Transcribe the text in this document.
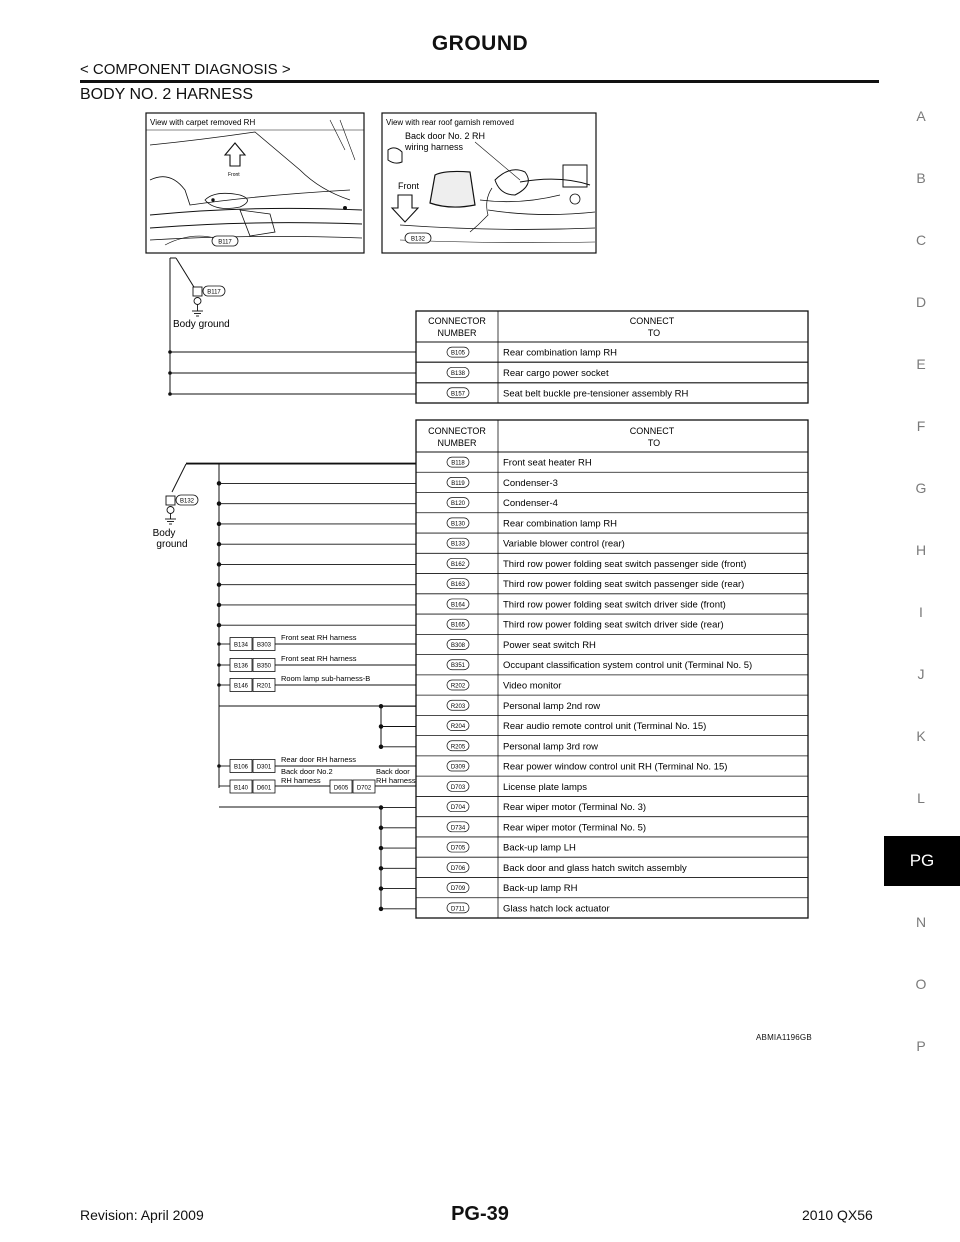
GROUND
< COMPONENT DIAGNOSIS >
BODY NO. 2 HARNESS
A
B
C
D
E
F
G
H
I
J
K
L
N
O
P
PG
View with carpet removed RH
Front
B117
View with rear roof garnish removed
Back door No. 2 RH
wiring harness
Front
B132
B117
Body ground
B132
Body
ground
CONNECTOR
NUMBER
CONNECT
TO
B105	Rear combination lamp RH
B138	Rear cargo power socket
B157	Seat belt buckle pre-tensioner assembly RH
CONNECTOR
NUMBER
CONNECT
TO
B118	Front seat heater RH
B119	Condenser-3
B120	Condenser-4
B130	Rear combination lamp RH
B133	Variable blower control (rear)
B162	Third row power folding seat switch passenger side (front)
B163	Third row power folding seat switch passenger side (rear)
B164	Third row power folding seat switch driver side (front)
B165	Third row power folding seat switch driver side (rear)
B308	Power seat switch RH
B351	Occupant classification system control unit (Terminal No. 5)
R202	Video monitor
R203	Personal lamp 2nd row
R204	Rear audio remote control unit (Terminal No. 15)
R205	Personal lamp 3rd row
D309	Rear power window control unit RH (Terminal No. 15)
D703	License plate lamps
D704	Rear wiper motor (Terminal No. 3)
D734	Rear wiper motor (Terminal No. 5)
D705	Back-up lamp LH
D706	Back door and glass hatch switch assembly
D709	Back-up lamp RH
D711	Glass hatch lock actuator
B134 B303
Front seat RH harness
B136 B350
Front seat RH harness
B146 R201
Room lamp sub-harness-B
B106 D301
Rear door RH harness
B140 D601	D605 D702
Back door No.2
RH harness
Back door
RH harness
ABMIA1196GB
Revision: April 2009	PG-39	2010 QX56
